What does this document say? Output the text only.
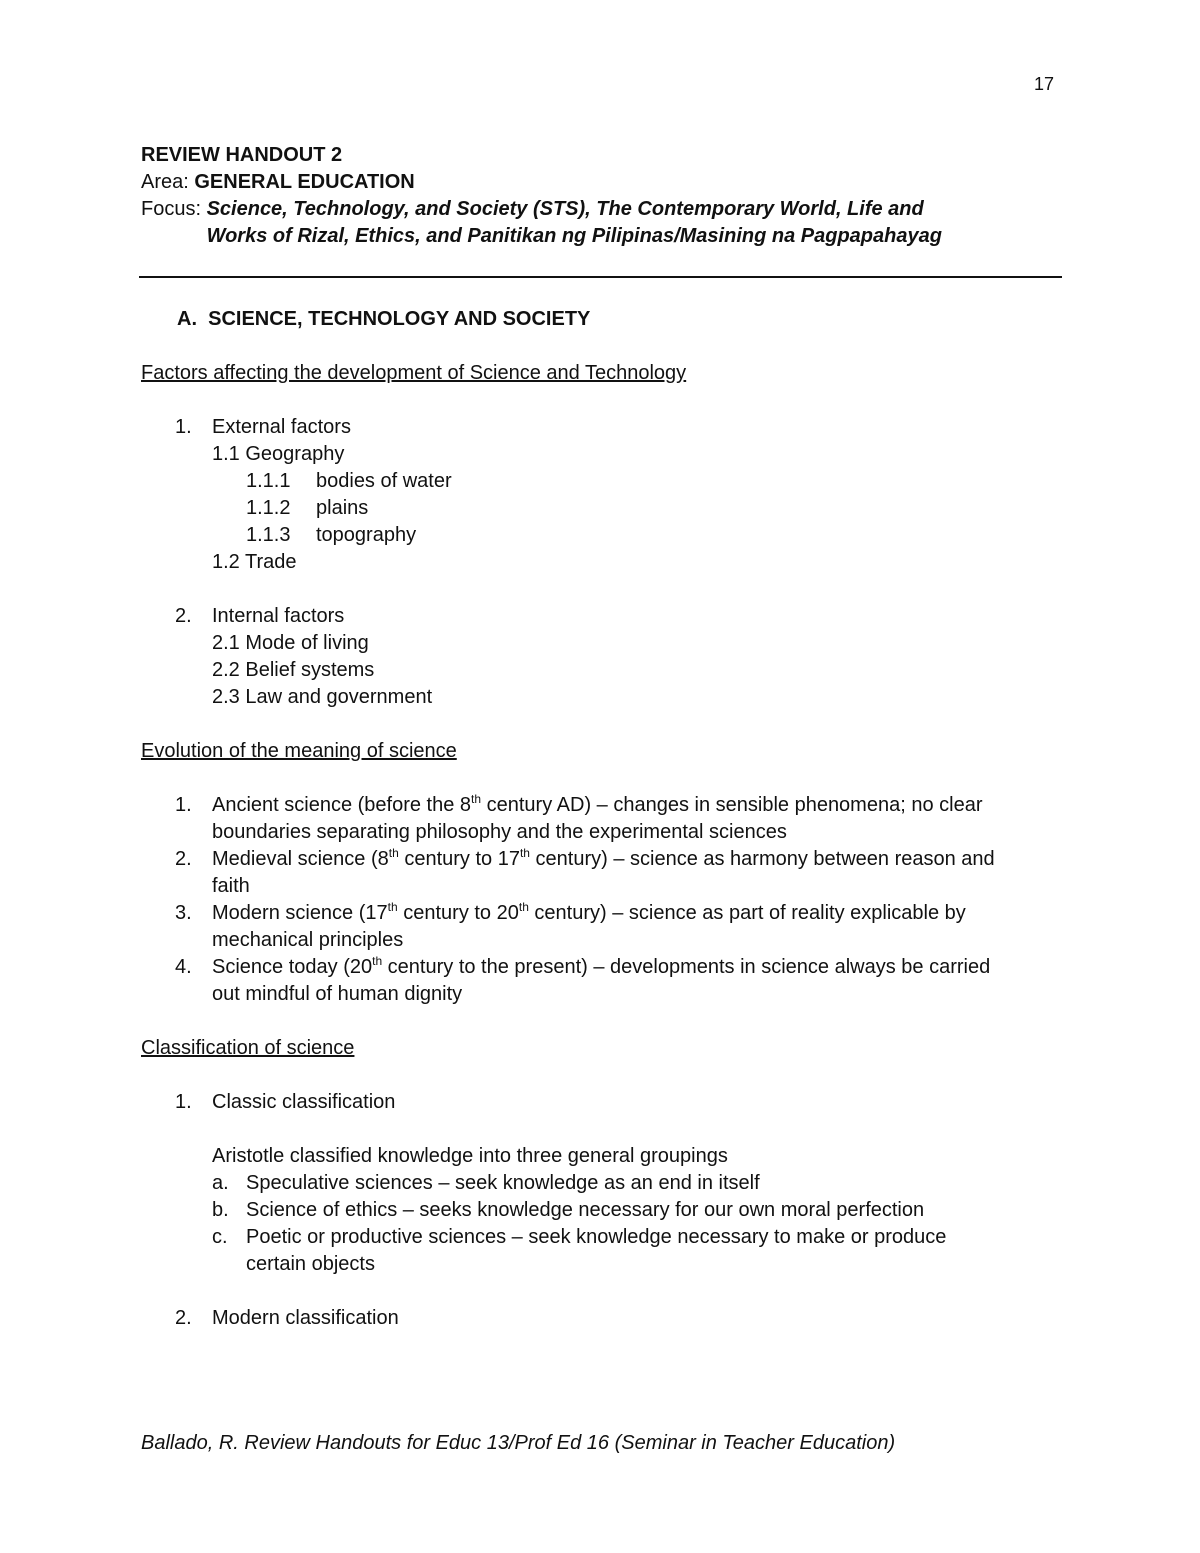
17
REVIEW HANDOUT 2
Area: GENERAL EDUCATION
Focus: Science, Technology, and Society (STS), The Contemporary World, Life and
Works of Rizal, Ethics, and Panitikan ng Pilipinas/Masining na Pagpapahayag

A.  SCIENCE, TECHNOLOGY AND SOCIETY

Factors affecting the development of Science and Technology

1.	External factors
1.1 Geography
1.1.1	bodies of water
1.1.2	plains
1.1.3	topography
1.2 Trade
2.	Internal factors
2.1 Mode of living
2.2 Belief systems
2.3 Law and government

Evolution of the meaning of science

1.	Ancient science (before the 8th century AD) – changes in sensible phenomena; no clear
boundaries separating philosophy and the experimental sciences
2.	Medieval science (8th century to 17th century) – science as harmony between reason and
faith
3.	Modern science (17th century to 20th century) – science as part of reality explicable by
mechanical principles
4.	Science today (20th century to the present) – developments in science always be carried
out mindful of human dignity

Classification of science

1.	Classic classification
Aristotle classified knowledge into three general groupings
a. Speculative sciences – seek knowledge as an end in itself
b. Science of ethics – seeks knowledge necessary for our own moral perfection
c. Poetic or productive sciences – seek knowledge necessary to make or produce
certain objects
2.	Modern classification
Ballado, R. Review Handouts for Educ 13/Prof Ed 16 (Seminar in Teacher Education)
